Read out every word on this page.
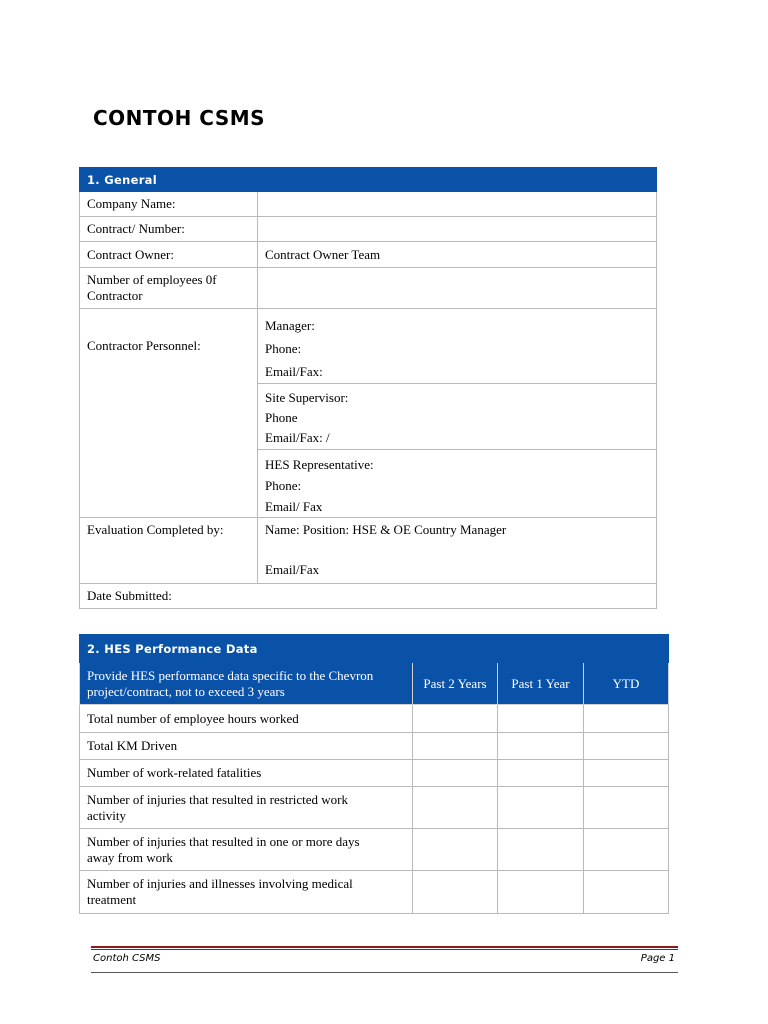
CONTOH CSMS
1. General	
Company Name:	
Contract/ Number:	
Contract Owner:	Contract Owner Team

Number of employees 0f
Contractor	

Contractor Personnel:	Manager:
Phone:
Email/Fax:

	Site Supervisor:
Phone
Email/Fax: /

	HES Representative:
Phone:
Email/ Fax

Evaluation Completed by:	Name: Position: HSE & OE Country Manager
Email/Fax

Date Submitted:	
2. HES Performance Data			

Provide HES performance data specific to the Chevron
project/contract, not to exceed 3 years	Past 2 Years	Past 1 Year	YTD
Total number of employee hours worked			
Total KM Driven			
Number of work-related fatalities			

Number of injuries that resulted in restricted work
activity			

Number of injuries that resulted in one or more days
away from work			

Number of injuries and illnesses involving medical
treatment			

Contoh CSMS	Page 1
